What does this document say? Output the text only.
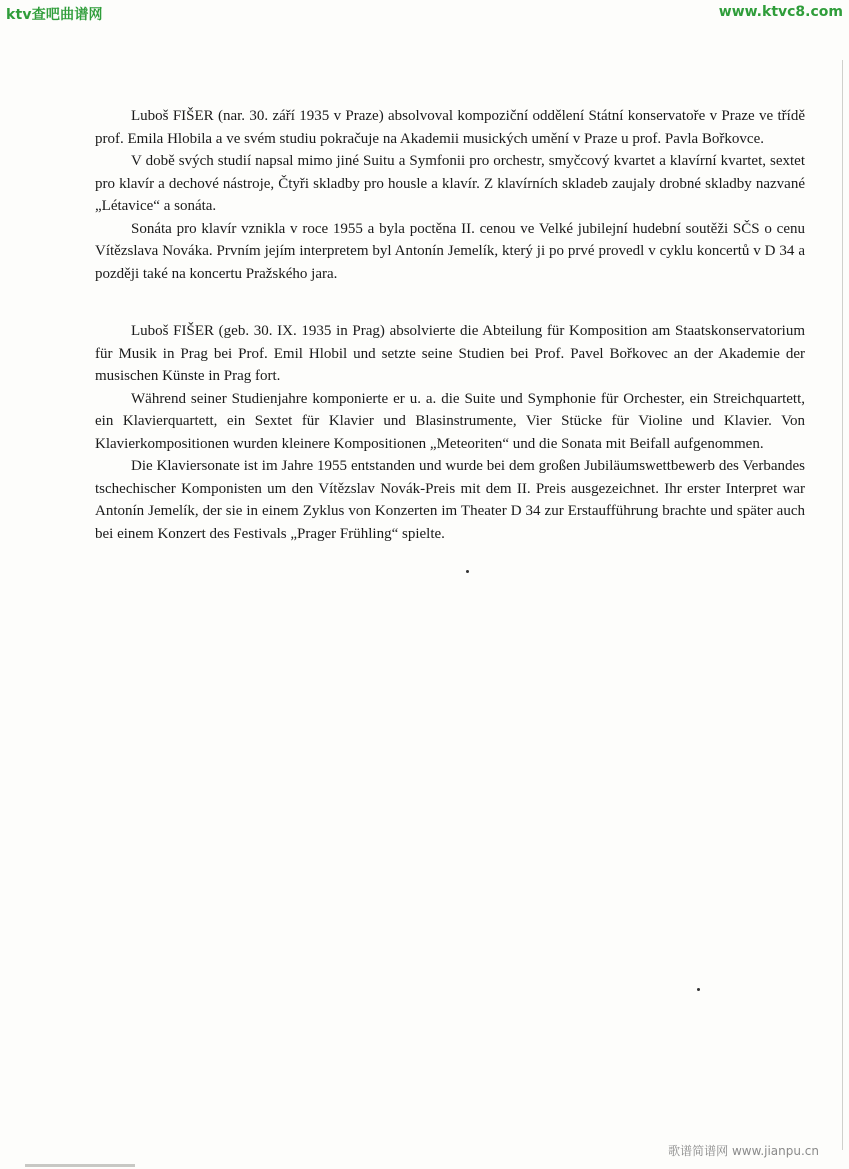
ktv查吧曲谱网	www.ktvc8.com

Luboš FIŠER (nar. 30. září 1935 v Praze) absolvoval kompoziční oddělení Státní konservatoře v Praze ve třídě prof. Emila Hlobila a ve svém studiu pokračuje na Akademii musických umění v Praze u prof. Pavla Bořkovce.

V době svých studií napsal mimo jiné Suitu a Symfonii pro orchestr, smyčcový kvartet a klavírní kvartet, sextet pro klavír a dechové nástroje, Čtyři skladby pro housle a klavír. Z klavírních skladeb zaujaly drobné skladby nazvané „Létavice“ a sonáta.

Sonáta pro klavír vznikla v roce 1955 a byla poctěna II. cenou ve Velké jubilejní hudební soutěži SČS o cenu Vítězslava Nováka. Prvním jejím interpretem byl Antonín Jemelík, který ji po prvé provedl v cyklu koncertů v D 34 a později také na koncertu Pražského jara.

Luboš FIŠER (geb. 30. IX. 1935 in Prag) absolvierte die Abteilung für Komposition am Staatskonservatorium für Musik in Prag bei Prof. Emil Hlobil und setzte seine Studien bei Prof. Pavel Bořkovec an der Akademie der musischen Künste in Prag fort.

Während seiner Studienjahre komponierte er u. a. die Suite und Symphonie für Orchester, ein Streichquartett, ein Klavierquartett, ein Sextet für Klavier und Blasinstrumente, Vier Stücke für Violine und Klavier. Von Klavierkompositionen wurden kleinere Kompositionen „Meteoriten“ und die Sonata mit Beifall aufgenommen.

Die Klaviersonate ist im Jahre 1955 entstanden und wurde bei dem großen Jubiläumswettbewerb des Verbandes tschechischer Komponisten um den Vítězslav Novák-Preis mit dem II. Preis ausgezeichnet. Ihr erster Interpret war Antonín Jemelík, der sie in einem Zyklus von Konzerten im Theater D 34 zur Erstaufführung brachte und später auch bei einem Konzert des Festivals „Prager Frühling“ spielte.

歌谱简谱网 www.jianpu.cn
